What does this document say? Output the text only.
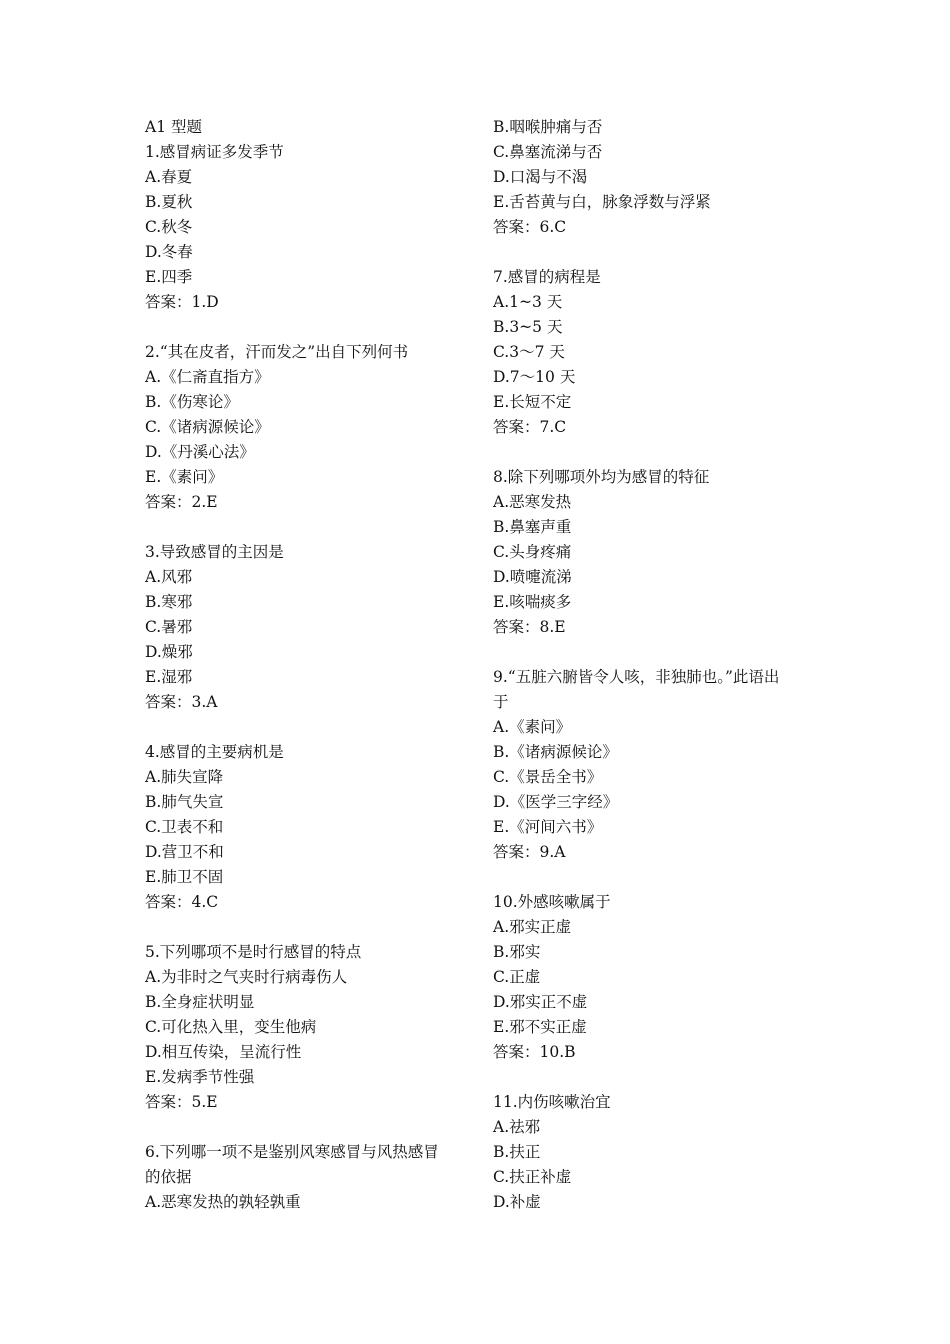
A1 型题
1.感冒病证多发季节
A.春夏
B.夏秋
C.秋冬
D.冬春
E.四季
答案：1.D
2.“其在皮者，汗而发之”出自下列何书
A.《仁斋直指方》
B.《伤寒论》
C.《诸病源候论》
D.《丹溪心法》
E.《素问》
答案：2.E
3.导致感冒的主因是
A.风邪
B.寒邪
C.暑邪
D.燥邪
E.湿邪
答案：3.A
4.感冒的主要病机是
A.肺失宣降
B.肺气失宣
C.卫表不和
D.营卫不和
E.肺卫不固
答案：4.C
5.下列哪项不是时行感冒的特点
A.为非时之气夹时行病毒伤人
B.全身症状明显
C.可化热入里，变生他病
D.相互传染，呈流行性
E.发病季节性强
答案：5.E
6.下列哪一项不是鉴别风寒感冒与风热感冒
的依据
A.恶寒发热的孰轻孰重
B.咽喉肿痛与否
C.鼻塞流涕与否
D.口渴与不渴
E.舌苔黄与白，脉象浮数与浮紧
答案：6.C
7.感冒的病程是
A.1~3 天
B.3~5 天
C.3～7 天
D.7～10 天
E.长短不定
答案：7.C
8.除下列哪项外均为感冒的特征
A.恶寒发热
B.鼻塞声重
C.头身疼痛
D.喷嚏流涕
E.咳喘痰多
答案：8.E
9.“五脏六腑皆令人咳，非独肺也。”此语出
于
A.《素问》
B.《诸病源候论》
C.《景岳全书》
D.《医学三字经》
E.《河间六书》
答案：9.A
10.外感咳嗽属于
A.邪实正虚
B.邪实
C.正虚
D.邪实正不虚
E.邪不实正虚
答案：10.B
11.内伤咳嗽治宜
A.祛邪
B.扶正
C.扶正补虚
D.补虚
